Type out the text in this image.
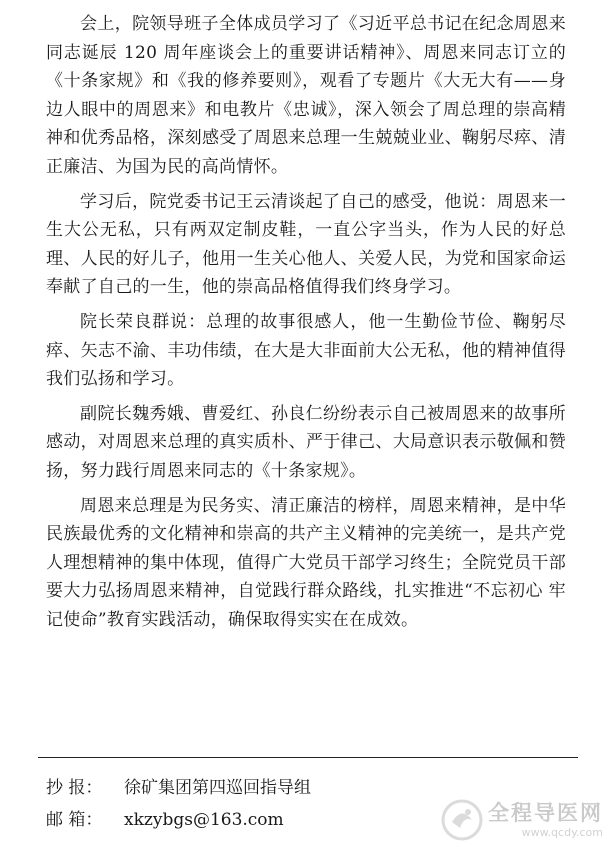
会上，院领导班子全体成员学习了《习近平总书记在纪念周恩来同志诞辰 120 周年座谈会上的重要讲话精神》、周恩来同志订立的《十条家规》和《我的修养要则》，观看了专题片《大无大有——身边人眼中的周恩来》和电教片《忠诚》，深入领会了周总理的崇高精神和优秀品格，深刻感受了周恩来总理一生兢兢业业、鞠躬尽瘁、清正廉洁、为国为民的高尚情怀。

学习后，院党委书记王云清谈起了自己的感受，他说：周恩来一生大公无私，只有两双定制皮鞋，一直公字当头，作为人民的好总理、人民的好儿子，他用一生关心他人、关爱人民，为党和国家命运奉献了自己的一生，他的崇高品格值得我们终身学习。

院长荣良群说：总理的故事很感人，他一生勤俭节俭、鞠躬尽瘁、矢志不渝、丰功伟绩，在大是大非面前大公无私，他的精神值得我们弘扬和学习。

副院长魏秀娥、曹爱红、孙良仁纷纷表示自己被周恩来的故事所感动，对周恩来总理的真实质朴、严于律己、大局意识表示敬佩和赞扬，努力践行周恩来同志的《十条家规》。

周恩来总理是为民务实、清正廉洁的榜样，周恩来精神，是中华民族最优秀的文化精神和崇高的共产主义精神的完美统一，是共产党人理想精神的集中体现，值得广大党员干部学习终生；全院党员干部要大力弘扬周恩来精神，自觉践行群众路线，扎实推进“不忘初心 牢记使命”教育实践活动，确保取得实实在在成效。

抄 报：	徐矿集团第四巡回指导组
邮 箱：	xkzybgs@163.com	全程导医网
www.qcdy.com
